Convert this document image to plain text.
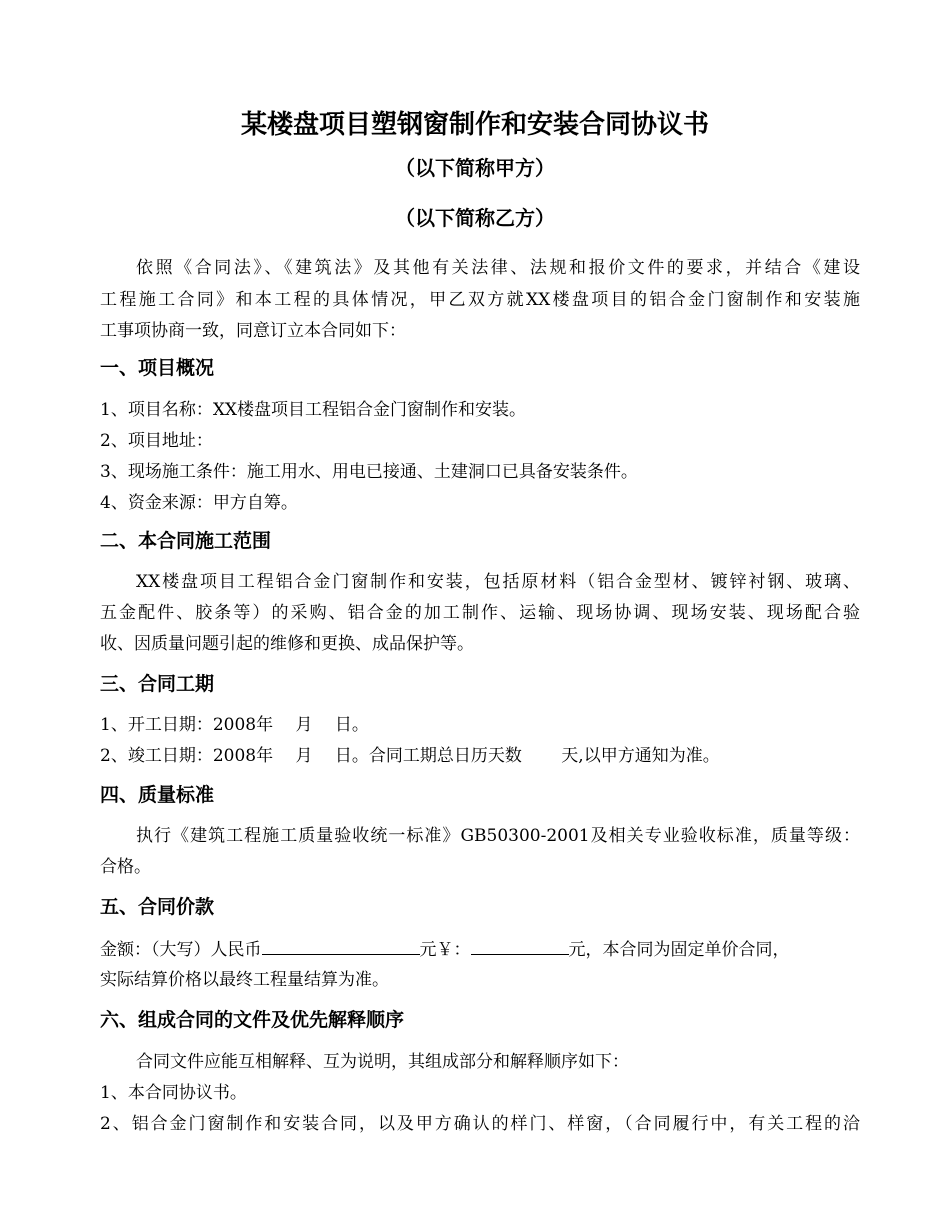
某楼盘项目塑钢窗制作和安装合同协议书
（以下简称甲方）
（以下简称乙方）
依照《合同法》、《建筑法》及其他有关法律、法规和报价文件的要求，并结合《建设
工程施工合同》和本工程的具体情况，甲乙双方就XX楼盘项目的铝合金门窗制作和安装施
工事项协商一致，同意订立本合同如下：
一、项目概况
1、项目名称：XX楼盘项目工程铝合金门窗制作和安装。
2、项目地址：
3、现场施工条件：施工用水、用电已接通、土建洞口已具备安装条件。
4、资金来源：甲方自筹。
二、本合同施工范围
XX楼盘项目工程铝合金门窗制作和安装，包括原材料（铝合金型材、镀锌衬钢、玻璃、
五金配件、胶条等）的采购、铝合金的加工制作、运输、现场协调、现场安装、现场配合验
收、因质量问题引起的维修和更换、成品保护等。
三、合同工期
1、开工日期：2008年　 月　 日。
2、竣工日期：2008年　 月　 日。合同工期总日历天数　　 天,以甲方通知为准。
四、质量标准
执行《建筑工程施工质量验收统一标准》GB50300-2001及相关专业验收标准，质量等级：
合格。
五、合同价款
金额：（大写）人民币	元￥：	元，本合同为固定单价合同，
实际结算价格以最终工程量结算为准。
六、组成合同的文件及优先解释顺序
合同文件应能互相解释、互为说明，其组成部分和解释顺序如下：
1、本合同协议书。
2、铝合金门窗制作和安装合同，以及甲方确认的样门、样窗，（合同履行中，有关工程的洽
